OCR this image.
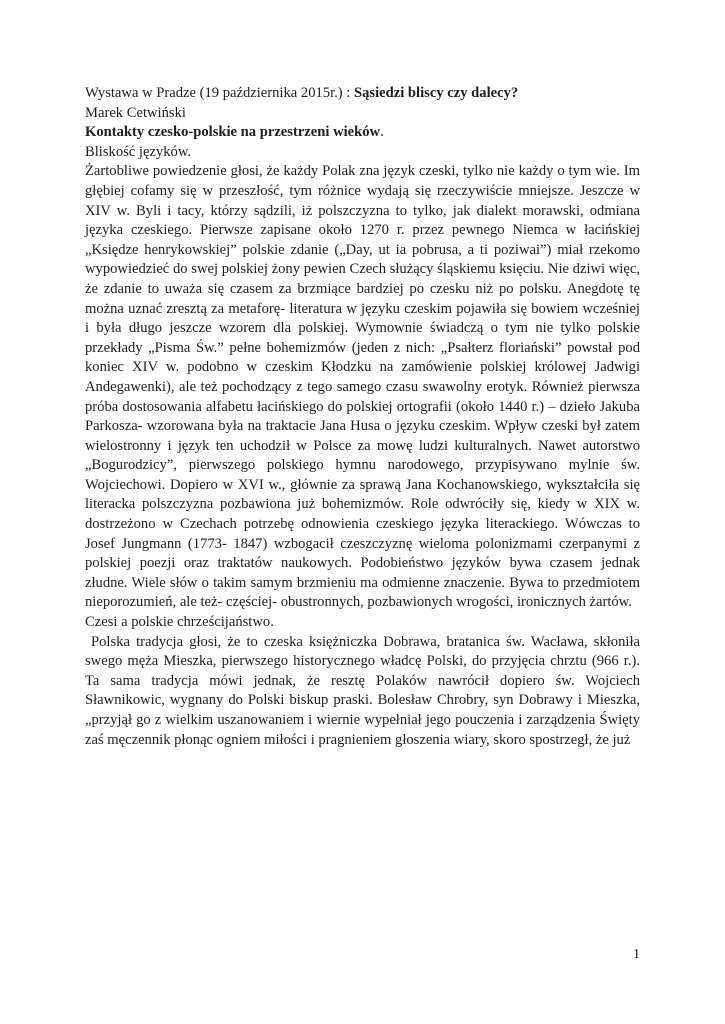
Wystawa w Pradze (19 października 2015r.) : Sąsiedzi bliscy czy dalecy?

Marek Cetwiński

Kontakty czesko-polskie na przestrzeni wieków.

Bliskość języków.

Żartobliwe powiedzenie głosi, że każdy Polak zna język czeski, tylko nie każdy o tym wie. Im głębiej cofamy się w przeszłość, tym różnice wydają się rzeczywiście mniejsze. Jeszcze w XIV w. Byli i tacy, którzy sądzili, iż polszczyzna to tylko, jak dialekt morawski, odmiana języka czeskiego. Pierwsze zapisane około 1270 r. przez pewnego Niemca w łacińskiej „Księdze henrykowskiej” polskie zdanie („Day, ut ia pobrusa, a ti poziwai”) miał rzekomo wypowiedzieć do swej polskiej żony pewien Czech służący śląskiemu księciu. Nie dziwi więc, że zdanie to uważa się czasem za brzmiące bardziej po czesku niż po polsku. Anegdotę tę można uznać zresztą za metaforę- literatura w języku czeskim pojawiła się bowiem wcześniej i była długo jeszcze wzorem dla polskiej. Wymownie świadczą o tym nie tylko polskie przekłady „Pisma Św.” pełne bohemizmów (jeden z nich: „Psałterz floriański” powstał pod koniec XIV w. podobno w czeskim Kłodzku na zamówienie polskiej królowej Jadwigi Andegawenki), ale też pochodzący z tego samego czasu swawolny erotyk. Również pierwsza próba dostosowania alfabetu łacińskiego do polskiej ortografii (około 1440 r.) – dzieło Jakuba Parkosza- wzorowana była na traktacie Jana Husa o języku czeskim. Wpływ czeski był zatem wielostronny i język ten uchodził w Polsce za mowę ludzi kulturalnych. Nawet autorstwo „Bogurodzicy”, pierwszego polskiego hymnu narodowego, przypisywano mylnie św. Wojciechowi. Dopiero w XVI w., głównie za sprawą Jana Kochanowskiego, wykształciła się literacka polszczyzna pozbawiona już bohemizmów. Role odwróciły się, kiedy w XIX w. dostrzeżono w Czechach potrzebę odnowienia czeskiego języka literackiego. Wówczas to Josef Jungmann (1773- 1847) wzbogacił czeszczyznę wieloma polonizmami czerpanymi z polskiej poezji oraz traktatów naukowych. Podobieństwo języków bywa czasem jednak złudne. Wiele słów o takim samym brzmieniu ma odmienne znaczenie. Bywa to przedmiotem nieporozumień, ale też- częściej- obustronnych, pozbawionych wrogości, ironicznych żartów.

Czesi a polskie chrześcijaństwo.

Polska tradycja głosi, że to czeska księżniczka Dobrawa, bratanica św. Wacława, skłoniła swego męża Mieszka, pierwszego historycznego władcę Polski, do przyjęcia chrztu (966 r.). Ta sama tradycja mówi jednak, że resztę Polaków nawrócił dopiero św. Wojciech Sławnikowic, wygnany do Polski biskup praski. Bolesław Chrobry, syn Dobrawy i Mieszka, „przyjął go z wielkim uszanowaniem i wiernie wypełniał jego pouczenia i zarządzenia Święty zaś męczennik płonąc ogniem miłości i pragnieniem głoszenia wiary, skoro spostrzegł, że już

1
